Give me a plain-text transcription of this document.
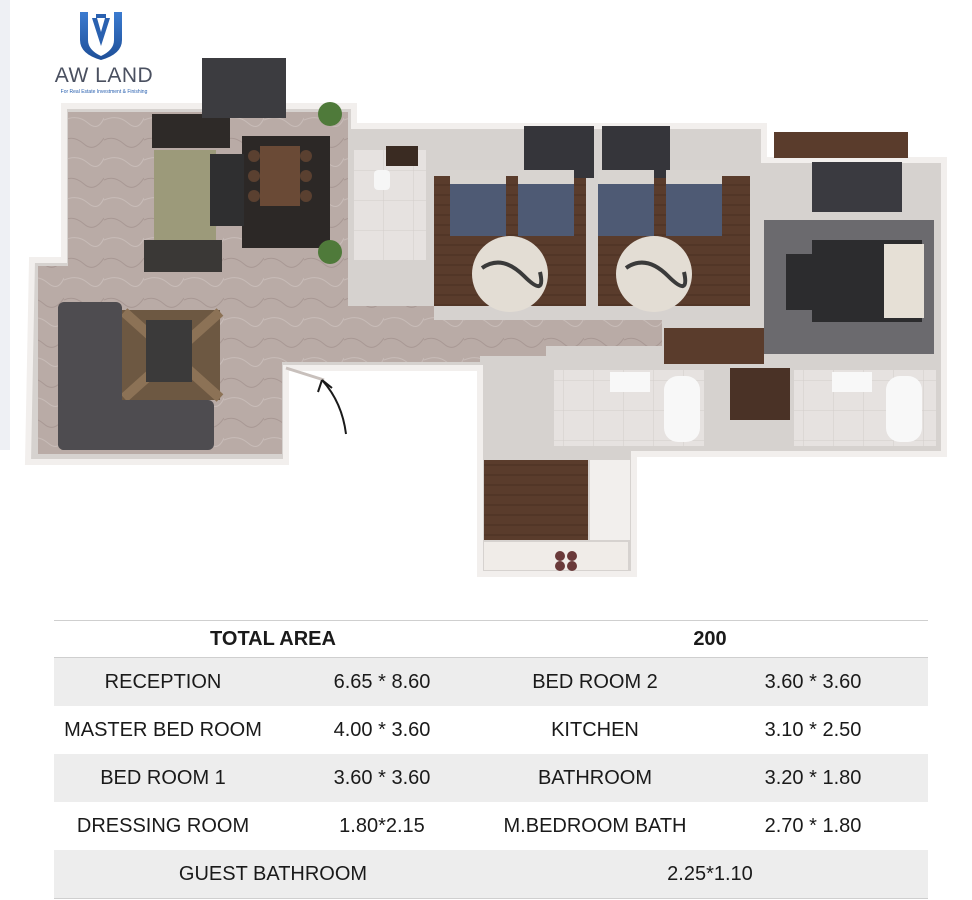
AW LAND
For Real Estate Investment & Finishing
TOTAL AREA	200
RECEPTION	6.65 * 8.60	BED ROOM 2	3.60 * 3.60
MASTER BED ROOM	4.00 * 3.60	KITCHEN	3.10 * 2.50
BED ROOM 1	3.60 * 3.60	BATHROOM	3.20 * 1.80
DRESSING ROOM	1.80*2.15	M.BEDROOM BATH	2.70 * 1.80
GUEST BATHROOM	2.25*1.10
